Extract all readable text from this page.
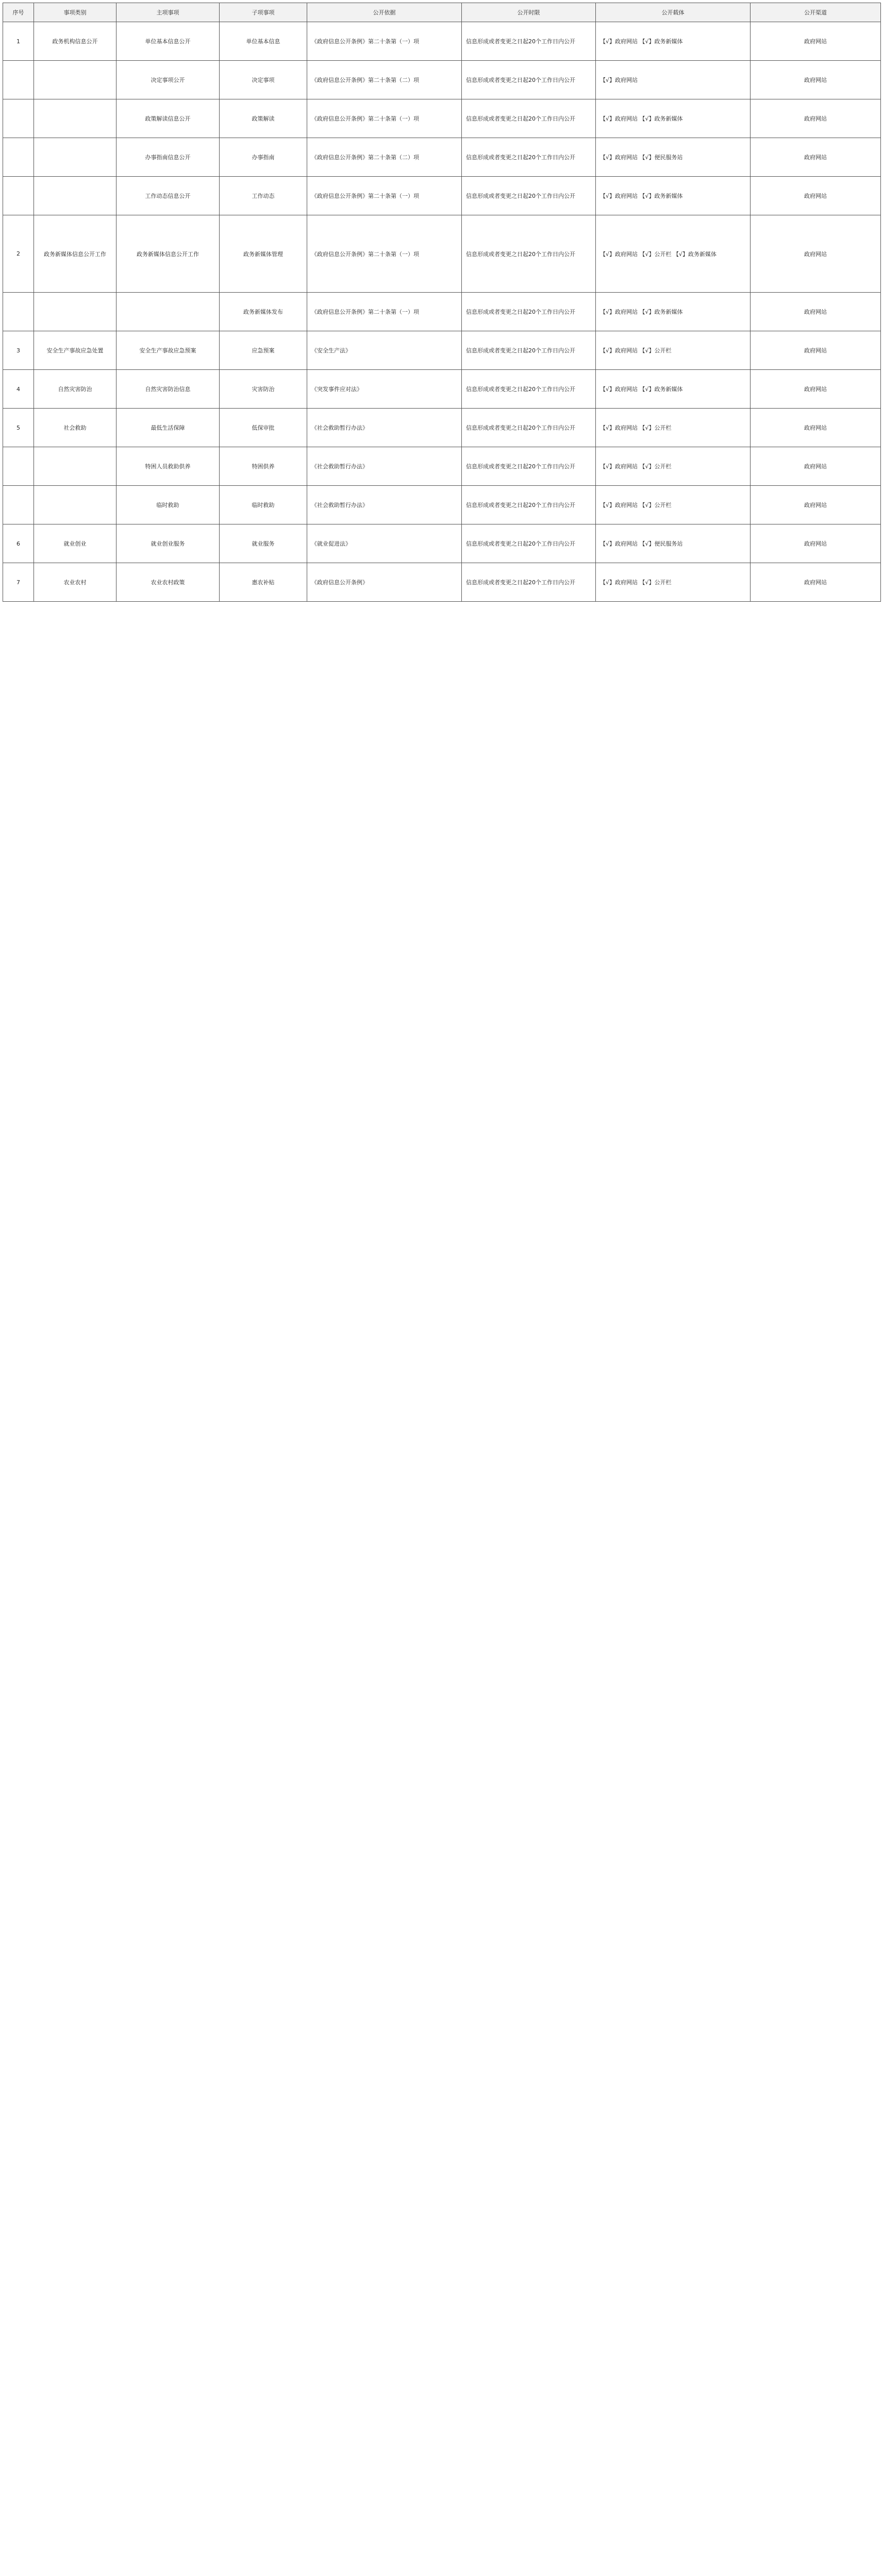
序号	事项类别	主项事项	子项事项	公开依据	公开时限	公开载体	公开渠道
1	政务机构信息公开	单位基本信息公开	单位基本信息	《政府信息公开条例》第二十条第（一）项	信息形成或者变更之日起20个工作日内公开	【√】政府网站 【√】政务新媒体	政府网站
		决定事项公开	决定事项	《政府信息公开条例》第二十条第（二）项	信息形成或者变更之日起20个工作日内公开	【√】政府网站	政府网站
		政策解读信息公开	政策解读	《政府信息公开条例》第二十条第（一）项	信息形成或者变更之日起20个工作日内公开	【√】政府网站 【√】政务新媒体	政府网站
		办事指南信息公开	办事指南	《政府信息公开条例》第二十条第（二）项	信息形成或者变更之日起20个工作日内公开	【√】政府网站 【√】便民服务站	政府网站
		工作动态信息公开	工作动态	《政府信息公开条例》第二十条第（一）项	信息形成或者变更之日起20个工作日内公开	【√】政府网站 【√】政务新媒体	政府网站
2	政务新媒体信息公开工作	政务新媒体信息公开工作	政务新媒体管理	《政府信息公开条例》第二十条第（一）项	信息形成或者变更之日起20个工作日内公开	【√】政府网站 【√】公开栏 【√】政务新媒体	政府网站
			政务新媒体发布	《政府信息公开条例》第二十条第（一）项	信息形成或者变更之日起20个工作日内公开	【√】政府网站 【√】政务新媒体	政府网站
3	安全生产事故应急处置	安全生产事故应急预案	应急预案	《安全生产法》	信息形成或者变更之日起20个工作日内公开	【√】政府网站 【√】公开栏	政府网站
4	自然灾害防治	自然灾害防治信息	灾害防治	《突发事件应对法》	信息形成或者变更之日起20个工作日内公开	【√】政府网站 【√】政务新媒体	政府网站
5	社会救助	最低生活保障	低保审批	《社会救助暂行办法》	信息形成或者变更之日起20个工作日内公开	【√】政府网站 【√】公开栏	政府网站
		特困人员救助供养	特困供养	《社会救助暂行办法》	信息形成或者变更之日起20个工作日内公开	【√】政府网站 【√】公开栏	政府网站
		临时救助	临时救助	《社会救助暂行办法》	信息形成或者变更之日起20个工作日内公开	【√】政府网站 【√】公开栏	政府网站
6	就业创业	就业创业服务	就业服务	《就业促进法》	信息形成或者变更之日起20个工作日内公开	【√】政府网站 【√】便民服务站	政府网站
7	农业农村	农业农村政策	惠农补贴	《政府信息公开条例》	信息形成或者变更之日起20个工作日内公开	【√】政府网站 【√】公开栏	政府网站
